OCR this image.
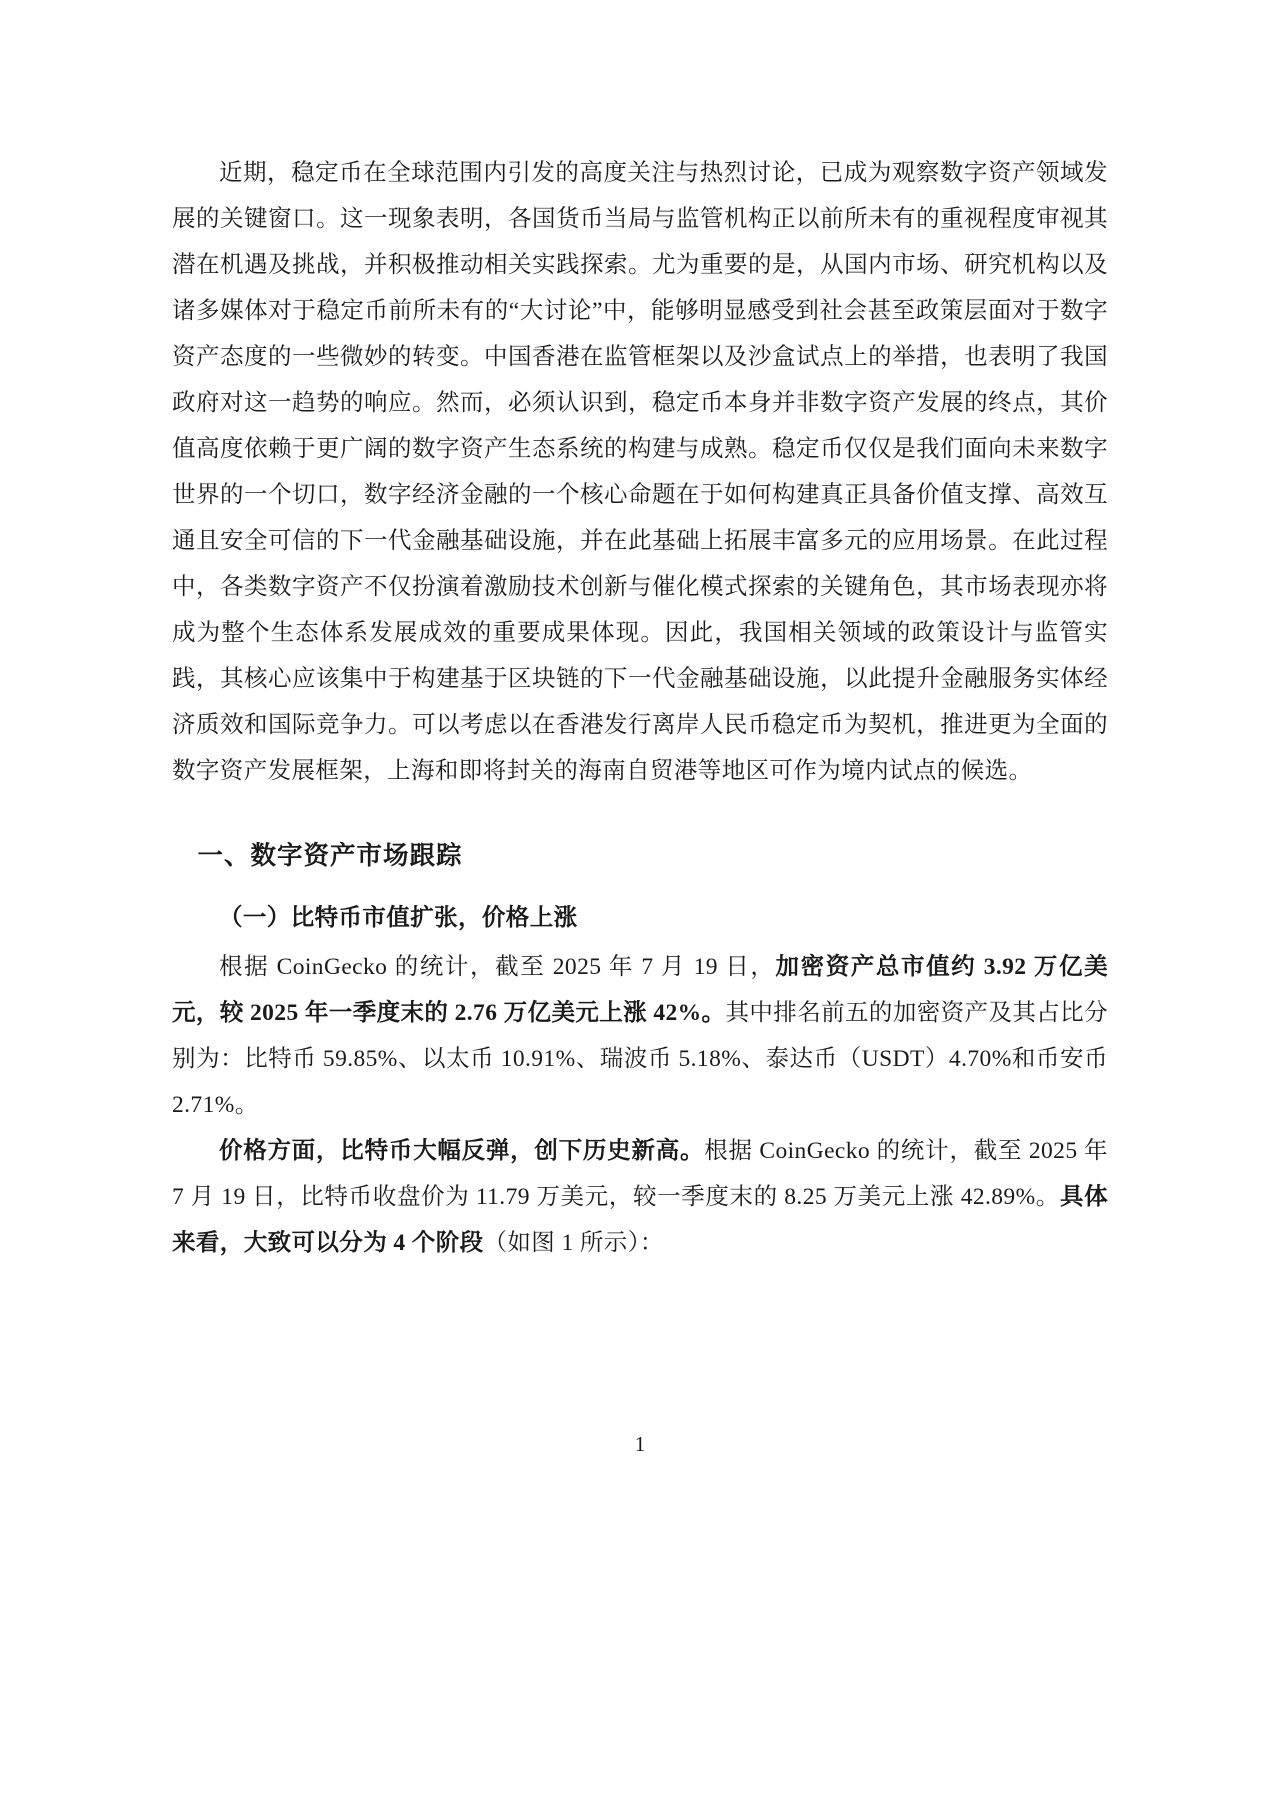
近期，稳定币在全球范围内引发的高度关注与热烈讨论，已成为观察数字资产领域发展的关键窗口。这一现象表明，各国货币当局与监管机构正以前所未有的重视程度审视其潜在机遇及挑战，并积极推动相关实践探索。尤为重要的是，从国内市场、研究机构以及诸多媒体对于稳定币前所未有的“大讨论”中，能够明显感受到社会甚至政策层面对于数字资产态度的一些微妙的转变。中国香港在监管框架以及沙盒试点上的举措，也表明了我国政府对这一趋势的响应。然而，必须认识到，稳定币本身并非数字资产发展的终点，其价值高度依赖于更广阔的数字资产生态系统的构建与成熟。稳定币仅仅是我们面向未来数字世界的一个切口，数字经济金融的一个核心命题在于如何构建真正具备价值支撑、高效互通且安全可信的下一代金融基础设施，并在此基础上拓展丰富多元的应用场景。在此过程中，各类数字资产不仅扮演着激励技术创新与催化模式探索的关键角色，其市场表现亦将成为整个生态体系发展成效的重要成果体现。因此，我国相关领域的政策设计与监管实践，其核心应该集中于构建基于区块链的下一代金融基础设施，以此提升金融服务实体经济质效和国际竞争力。可以考虑以在香港发行离岸人民币稳定币为契机，推进更为全面的数字资产发展框架，上海和即将封关的海南自贸港等地区可作为境内试点的候选。

一、数字资产市场跟踪
（一）比特币市值扩张，价格上涨

根据 CoinGecko 的统计，截至 2025 年 7 月 19 日，加密资产总市值约 3.92 万亿美元，较 2025 年一季度末的 2.76 万亿美元上涨 42%。其中排名前五的加密资产及其占比分别为：比特币 59.85%、以太币 10.91%、瑞波币 5.18%、泰达币（USDT）4.70%和币安币 2.71%。

价格方面，比特币大幅反弹，创下历史新高。根据 CoinGecko 的统计，截至 2025 年 7 月 19 日，比特币收盘价为 11.79 万美元，较一季度末的 8.25 万美元上涨 42.89%。具体来看，大致可以分为 4 个阶段（如图 1 所示）：

1
